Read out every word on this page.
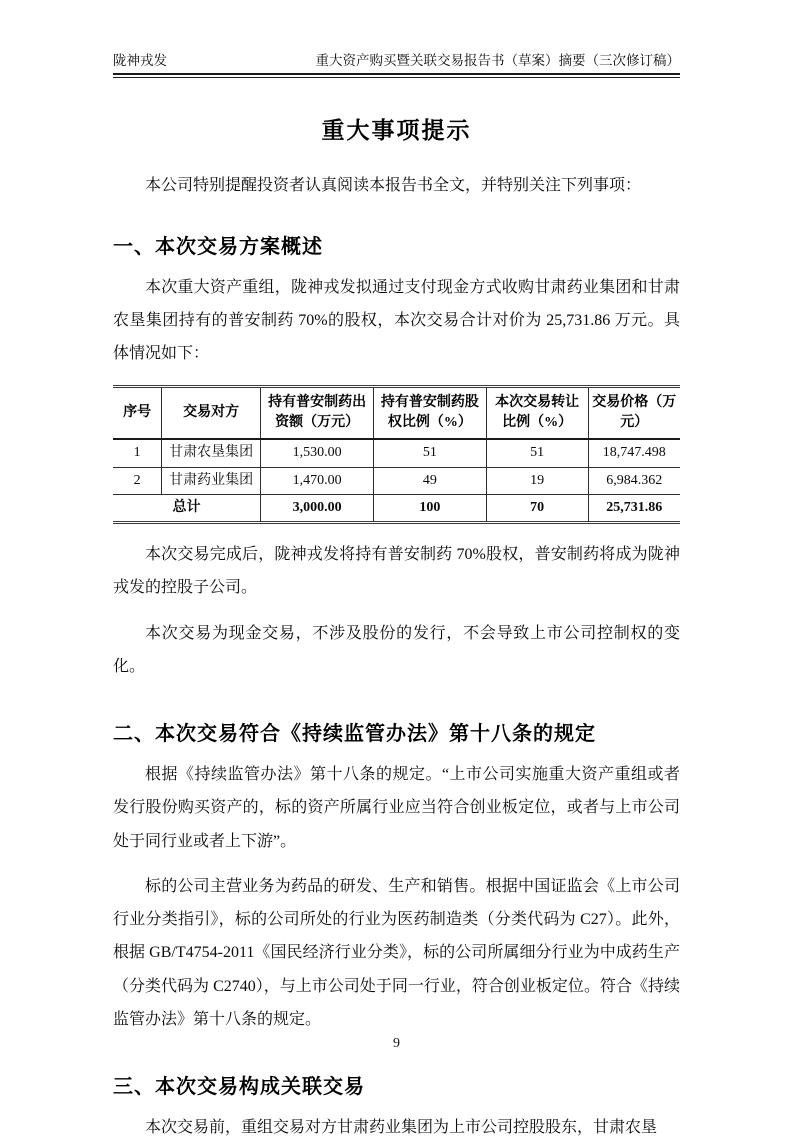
陇神戎发	重大资产购买暨关联交易报告书（草案）摘要（三次修订稿）
重大事项提示

本公司特别提醒投资者认真阅读本报告书全文，并特别关注下列事项：

一、本次交易方案概述

本次重大资产重组，陇神戎发拟通过支付现金方式收购甘肃药业集团和甘肃农垦集团持有的普安制药 70%的股权，本次交易合计对价为 25,731.86 万元。具体情况如下：

序号	交易对方	持有普安制药出资额（万元）	持有普安制药股权比例（%）	本次交易转让比例（%）	交易价格（万元）
1	甘肃农垦集团	1,530.00	51	51	18,747.498
2	甘肃药业集团	1,470.00	49	19	6,984.362
总计		3,000.00	100	70	25,731.86

本次交易完成后，陇神戎发将持有普安制药 70%股权，普安制药将成为陇神戎发的控股子公司。

本次交易为现金交易，不涉及股份的发行，不会导致上市公司控制权的变化。

二、本次交易符合《持续监管办法》第十八条的规定

根据《持续监管办法》第十八条的规定。“上市公司实施重大资产重组或者发行股份购买资产的，标的资产所属行业应当符合创业板定位，或者与上市公司处于同行业或者上下游”。

标的公司主营业务为药品的研发、生产和销售。根据中国证监会《上市公司行业分类指引》，标的公司所处的行业为医药制造类（分类代码为 C27）。此外，根据 GB/T4754-2011《国民经济行业分类》，标的公司所属细分行业为中成药生产（分类代码为 C2740），与上市公司处于同一行业，符合创业板定位。符合《持续监管办法》第十八条的规定。

三、本次交易构成关联交易

本次交易前，重组交易对方甘肃药业集团为上市公司控股股东，甘肃农垦

9
